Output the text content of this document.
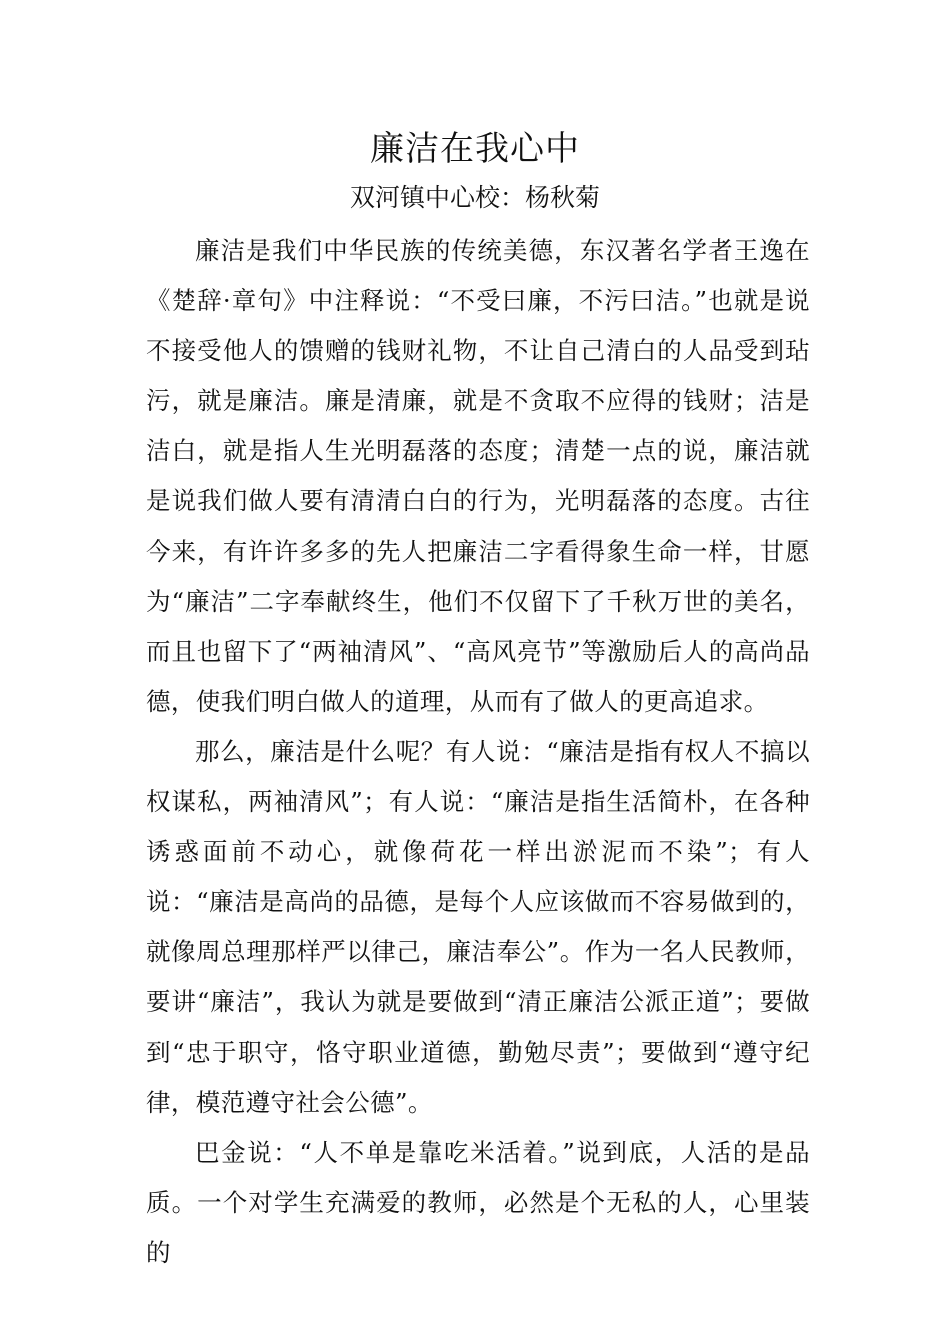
廉洁在我心中
双河镇中心校：杨秋菊

廉洁是我们中华民族的传统美德，东汉著名学者王逸在《楚辞·章句》中注释说：“不受曰廉，不污曰洁。”也就是说不接受他人的馈赠的钱财礼物，不让自己清白的人品受到玷污，就是廉洁。廉是清廉，就是不贪取不应得的钱财；洁是洁白，就是指人生光明磊落的态度；清楚一点的说，廉洁就是说我们做人要有清清白白的行为，光明磊落的态度。古往今来，有许许多多的先人把廉洁二字看得象生命一样，甘愿为“廉洁”二字奉献终生，他们不仅留下了千秋万世的美名，而且也留下了“两袖清风”、“高风亮节”等激励后人的高尚品德，使我们明白做人的道理，从而有了做人的更高追求。

那么，廉洁是什么呢？有人说：“廉洁是指有权人不搞以权谋私，两袖清风”；有人说：“廉洁是指生活简朴，在各种诱惑面前不动心，就像荷花一样出淤泥而不染”；有人说：“廉洁是高尚的品德，是每个人应该做而不容易做到的，就像周总理那样严以律己，廉洁奉公”。作为一名人民教师，要讲“廉洁”，我认为就是要做到“清正廉洁公派正道”；要做到“忠于职守，恪守职业道德，勤勉尽责”；要做到“遵守纪律，模范遵守社会公德”。

巴金说：“人不单是靠吃米活着。”说到底，人活的是品质。一个对学生充满爱的教师，必然是个无私的人，心里装的
